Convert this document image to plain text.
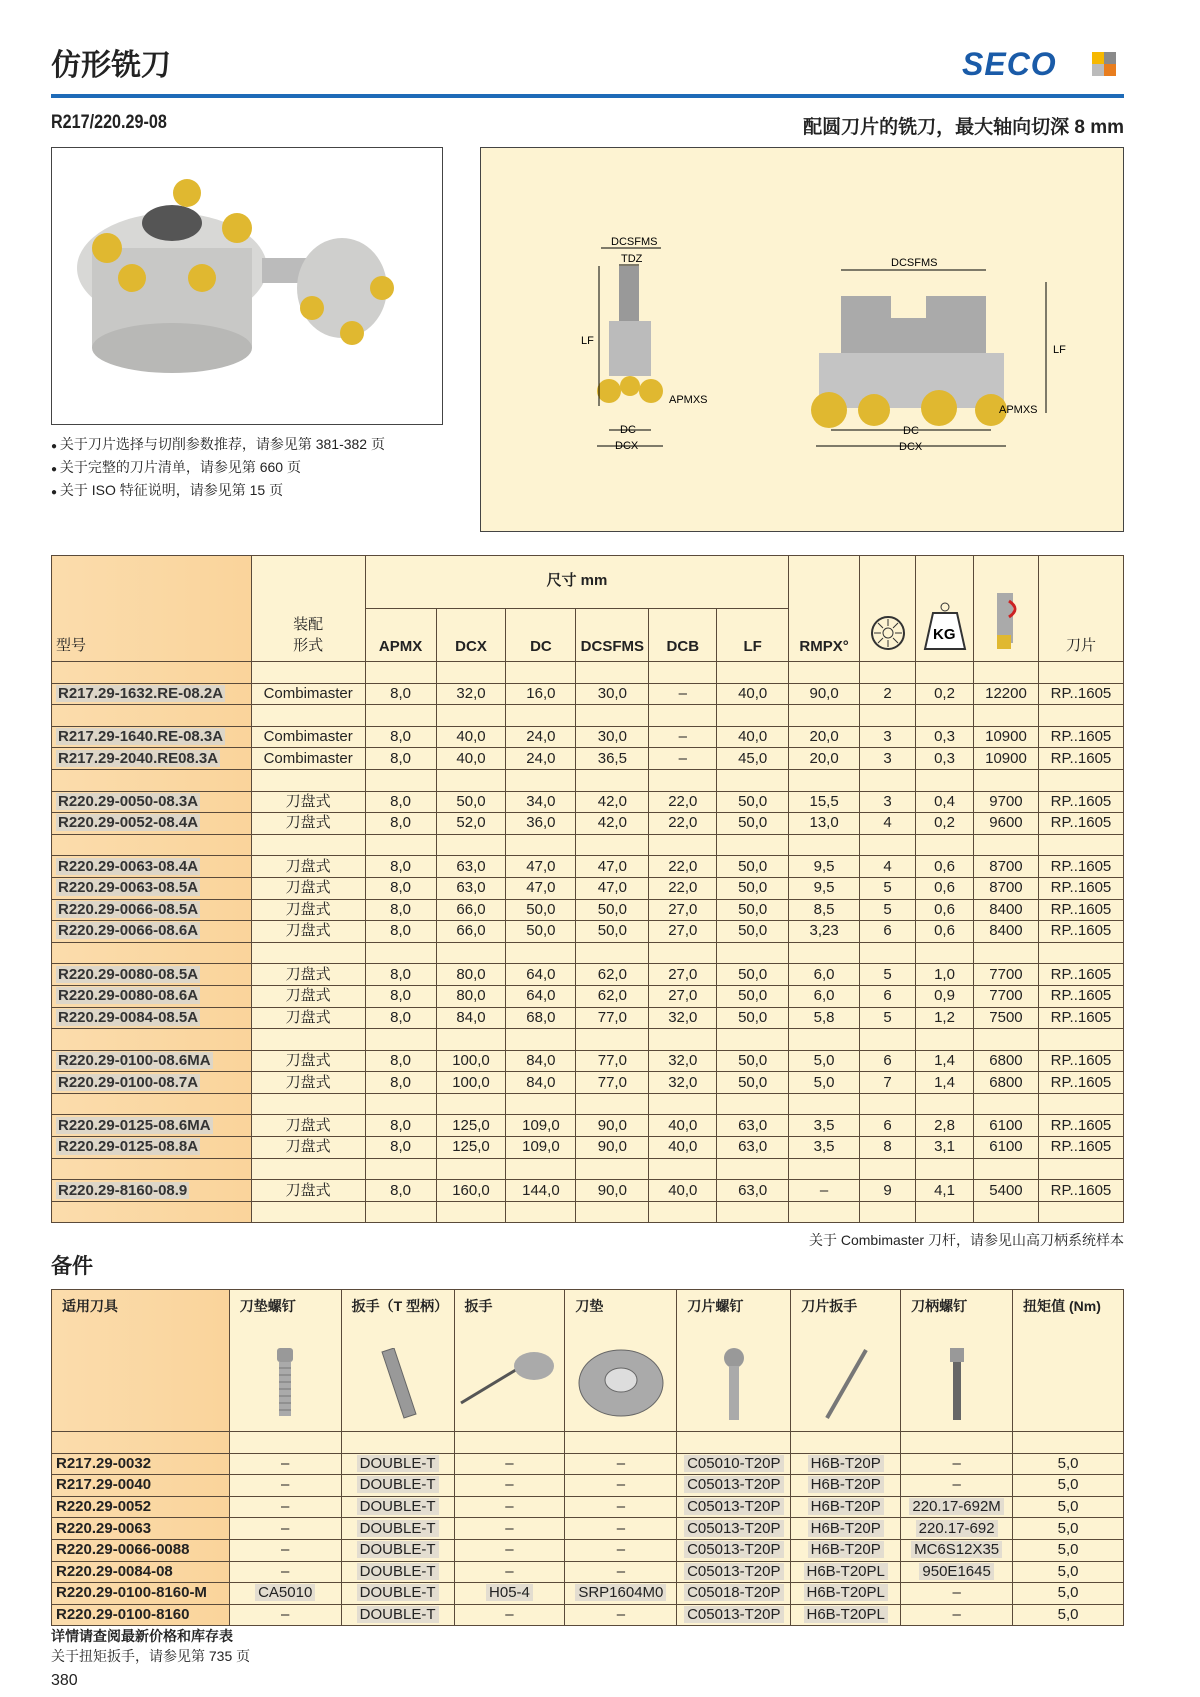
仿形铣刀	SECO
R217/220.29-08	配圆刀片的铣刀，最大轴向切深 8 mm
● 关于刀片选择与切削参数推荐，请参见第 381-382 页
● 关于完整的刀片清单，请参见第 660 页
● 关于 ISO 特征说明，请参见第 15 页
DCSFMS
TDZ
LF
APMXS
DC
DCX
DCSFMS
LF
APMXS
DC
DCX
型号	装配
形式	尺寸 mm						RMPX°		KG		刀片
		APMX	DCX	DC	DCSFMS	DCB	LF					

R217.29-1632.RE-08.2A	Combimaster	8,0	32,0	16,0	30,0	–	40,0	90,0	2	0,2	12200	RP..1605

R217.29-1640.RE-08.3A	Combimaster	8,0	40,0	24,0	30,0	–	40,0	20,0	3	0,3	10900	RP..1605
R217.29-2040.RE08.3A	Combimaster	8,0	40,0	24,0	36,5	–	45,0	20,0	3	0,3	10900	RP..1605

R220.29-0050-08.3A	刀盘式	8,0	50,0	34,0	42,0	22,0	50,0	15,5	3	0,4	9700	RP..1605
R220.29-0052-08.4A	刀盘式	8,0	52,0	36,0	42,0	22,0	50,0	13,0	4	0,2	9600	RP..1605

R220.29-0063-08.4A	刀盘式	8,0	63,0	47,0	47,0	22,0	50,0	9,5	4	0,6	8700	RP..1605
R220.29-0063-08.5A	刀盘式	8,0	63,0	47,0	47,0	22,0	50,0	9,5	5	0,6	8700	RP..1605
R220.29-0066-08.5A	刀盘式	8,0	66,0	50,0	50,0	27,0	50,0	8,5	5	0,6	8400	RP..1605
R220.29-0066-08.6A	刀盘式	8,0	66,0	50,0	50,0	27,0	50,0	3,23	6	0,6	8400	RP..1605

R220.29-0080-08.5A	刀盘式	8,0	80,0	64,0	62,0	27,0	50,0	6,0	5	1,0	7700	RP..1605
R220.29-0080-08.6A	刀盘式	8,0	80,0	64,0	62,0	27,0	50,0	6,0	6	0,9	7700	RP..1605
R220.29-0084-08.5A	刀盘式	8,0	84,0	68,0	77,0	32,0	50,0	5,8	5	1,2	7500	RP..1605

R220.29-0100-08.6MA	刀盘式	8,0	100,0	84,0	77,0	32,0	50,0	5,0	6	1,4	6800	RP..1605
R220.29-0100-08.7A	刀盘式	8,0	100,0	84,0	77,0	32,0	50,0	5,0	7	1,4	6800	RP..1605

R220.29-0125-08.6MA	刀盘式	8,0	125,0	109,0	90,0	40,0	63,0	3,5	6	2,8	6100	RP..1605
R220.29-0125-08.8A	刀盘式	8,0	125,0	109,0	90,0	40,0	63,0	3,5	8	3,1	6100	RP..1605

R220.29-8160-08.9	刀盘式	8,0	160,0	144,0	90,0	40,0	63,0	–	9	4,1	5400	RP..1605

关于 Combimaster 刀杆，请参见山高刀柄系统样本
备件
适用刀具	刀垫螺钉	扳手（T 型柄）	扳手	刀垫	刀片螺钉	刀片扳手	刀柄螺钉	扭矩值 (Nm)

R217.29-0032	–	DOUBLE-T	–	–	C05010-T20P	H6B-T20P	–	5,0
R217.29-0040	–	DOUBLE-T	–	–	C05013-T20P	H6B-T20P	–	5,0
R220.29-0052	–	DOUBLE-T	–	–	C05013-T20P	H6B-T20P	220.17-692M	5,0
R220.29-0063	–	DOUBLE-T	–	–	C05013-T20P	H6B-T20P	220.17-692	5,0
R220.29-0066-0088	–	DOUBLE-T	–	–	C05013-T20P	H6B-T20P	MC6S12X35	5,0
R220.29-0084-08	–	DOUBLE-T	–	–	C05013-T20P	H6B-T20PL	950E1645	5,0
R220.29-0100-8160-M	CA5010	DOUBLE-T	H05-4	SRP1604M0	C05018-T20P	H6B-T20PL	–	5,0
R220.29-0100-8160	–	DOUBLE-T	–	–	C05013-T20P	H6B-T20PL	–	5,0
详情请查阅最新价格和库存表
关于扭矩扳手，请参见第 735 页
380
